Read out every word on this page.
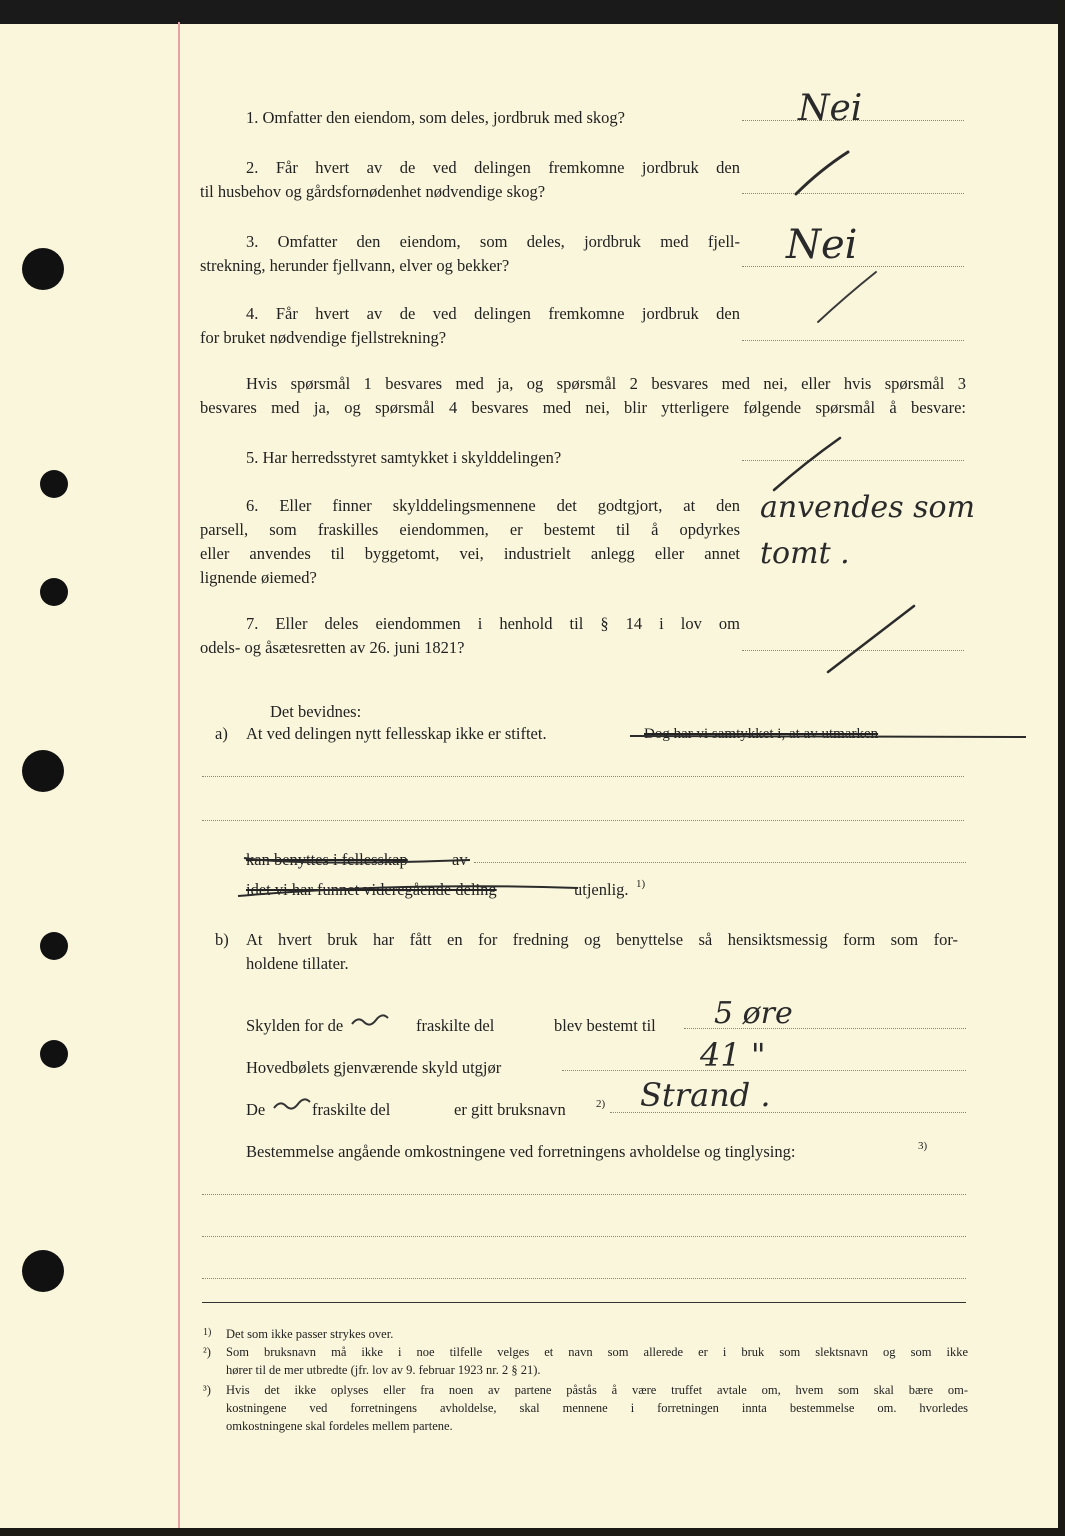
1. Omfatter den eiendom, som deles, jordbruk med skog?	Nei
2. Får hvert av de ved delingen fremkomne jordbruk den
til husbehov og gårdsfornødenhet nødvendige skog?
3. Omfatter den eiendom, som deles, jordbruk med fjell-
strekning, herunder fjellvann, elver og bekker?	Nei
4. Får hvert av de ved delingen fremkomne jordbruk den
for bruket nødvendige fjellstrekning?
Hvis spørsmål 1 besvares med ja, og spørsmål 2 besvares med nei, eller hvis spørsmål 3
besvares med ja, og spørsmål 4 besvares med nei, blir ytterligere følgende spørsmål å besvare:
5. Har herredsstyret samtykket i skylddelingen?
6. Eller finner skylddelingsmennene det godtgjort, at den
parsell, som fraskilles eiendommen, er bestemt til å opdyrkes
eller anvendes til byggetomt, vei, industrielt anlegg eller annet
lignende øiemed?
anvendes som
tomt .
7. Eller deles eiendommen i henhold til § 14 i lov om
odels- og åsætesretten av 26. juni 1821?
Det bevidnes:
a) At ved delingen nytt fellesskap ikke er stiftet.	Dog har vi samtykket i, at av utmarken
kan benyttes i fellesskap	av
idet vi har funnet videregående deling	utjenlig. 1)
b) At hvert bruk har fått en for fredning og benyttelse så hensiktsmessig form som for-
holdene tillater.
Skylden for de	fraskilte del	blev bestemt til 5 øre
Hovedbølets gjenværende skyld utgjør	41 "
De	fraskilte del	er gitt bruksnavn	2) Strand .
Bestemmelse angående omkostningene ved forretningens avholdelse og tinglysing:	3)
1) Det som ikke passer strykes over.
²) Som bruksnavn må ikke i noe tilfelle velges et navn som allerede er i bruk som slektsnavn og som ikke
hører til de mer utbredte (jfr. lov av 9. februar 1923 nr. 2 § 21).
³) Hvis det ikke oplyses eller fra noen av partene påstås å være truffet avtale om, hvem som skal bære om-
kostningene ved forretningens avholdelse, skal mennene i forretningen innta bestemmelse om. hvorledes
omkostningene skal fordeles mellem partene.
